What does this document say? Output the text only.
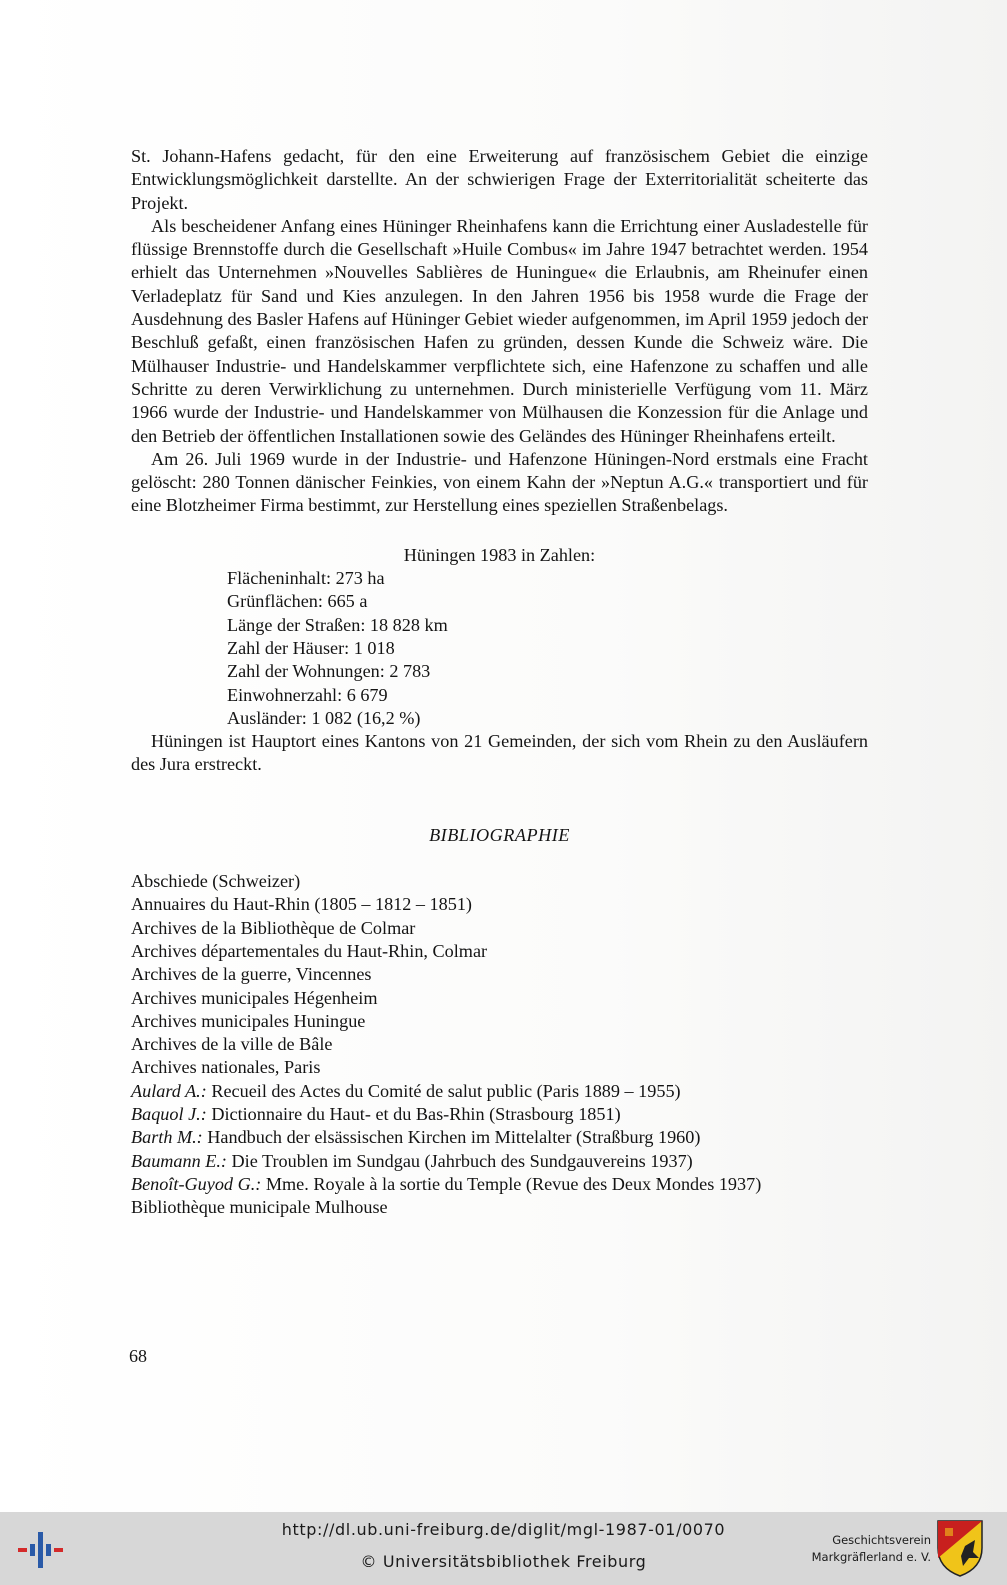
St. Johann-Hafens gedacht, für den eine Erweiterung auf französischem Gebiet die einzige Entwicklungsmöglichkeit darstellte. An der schwierigen Frage der Exterritorialität scheiterte das Projekt.

Als bescheidener Anfang eines Hüninger Rheinhafens kann die Errichtung einer Ausladestelle für flüssige Brennstoffe durch die Gesellschaft »Huile Combus« im Jahre 1947 betrachtet werden. 1954 erhielt das Unternehmen »Nouvelles Sablières de Huningue« die Erlaubnis, am Rheinufer einen Verladeplatz für Sand und Kies anzulegen. In den Jahren 1956 bis 1958 wurde die Frage der Ausdehnung des Basler Hafens auf Hüninger Gebiet wieder aufgenommen, im April 1959 jedoch der Beschluß gefaßt, einen französischen Hafen zu gründen, dessen Kunde die Schweiz wäre. Die Mülhauser Industrie- und Handelskammer verpflichtete sich, eine Hafenzone zu schaffen und alle Schritte zu deren Verwirklichung zu unternehmen. Durch ministerielle Verfügung vom 11. März 1966 wurde der Industrie- und Handelskammer von Mülhausen die Konzession für die Anlage und den Betrieb der öffentlichen Installationen sowie des Geländes des Hüninger Rheinhafens erteilt.

Am 26. Juli 1969 wurde in der Industrie- und Hafenzone Hüningen-Nord erstmals eine Fracht gelöscht: 280 Tonnen dänischer Feinkies, von einem Kahn der »Neptun A.G.« transportiert und für eine Blotzheimer Firma bestimmt, zur Herstellung eines speziellen Straßenbelags.

Hüningen 1983 in Zahlen:
Flächeninhalt: 273 ha
Grünflächen: 665 a
Länge der Straßen: 18 828 km
Zahl der Häuser: 1 018
Zahl der Wohnungen: 2 783
Einwohnerzahl: 6 679
Ausländer: 1 082 (16,2 %)

Hüningen ist Hauptort eines Kantons von 21 Gemeinden, der sich vom Rhein zu den Ausläufern des Jura erstreckt.

BIBLIOGRAPHIE
Abschiede (Schweizer)
Annuaires du Haut-Rhin (1805 – 1812 – 1851)
Archives de la Bibliothèque de Colmar
Archives départementales du Haut-Rhin, Colmar
Archives de la guerre, Vincennes
Archives municipales Hégenheim
Archives municipales Huningue
Archives de la ville de Bâle
Archives nationales, Paris
Aulard A.: Recueil des Actes du Comité de salut public (Paris 1889 – 1955)
Baquol J.: Dictionnaire du Haut- et du Bas-Rhin (Strasbourg 1851)
Barth M.: Handbuch der elsässischen Kirchen im Mittelalter (Straßburg 1960)
Baumann E.: Die Troublen im Sundgau (Jahrbuch des Sundgauvereins 1937)
Benoît-Guyod G.: Mme. Royale à la sortie du Temple (Revue des Deux Mondes 1937)
Bibliothèque municipale Mulhouse
68
http://dl.ub.uni-freiburg.de/diglit/mgl-1987-01/0070
© Universitätsbibliothek Freiburg
Geschichtsverein
Markgräflerland e. V.
